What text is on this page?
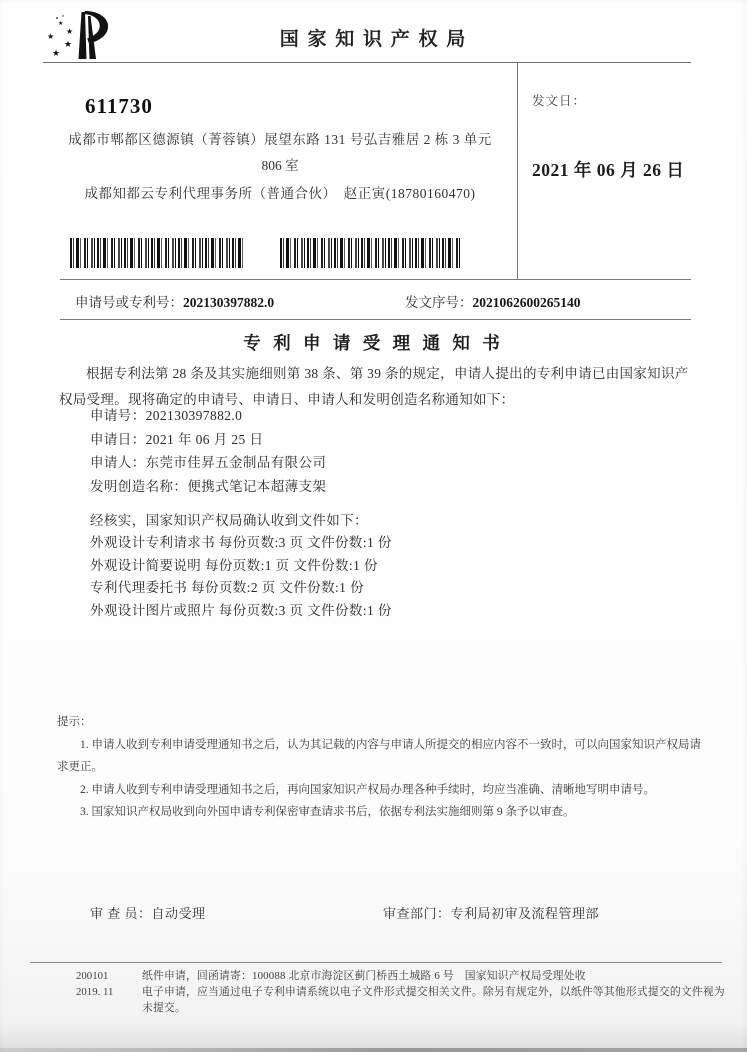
★
★
★
★
★
国 家 知 识 产 权 局
发文日：
2021 年 06 月 26 日
611730
成都市郫都区德源镇（菁蓉镇）展望东路 131 号弘吉雅居 2 栋 3 单元
806 室
成都知都云专利代理事务所（普通合伙）　赵正寅(18780160470)
申请号或专利号：202130397882.0	发文序号：2021062600265140
专 利 申 请 受 理 通 知 书

根据专利法第 28 条及其实施细则第 38 条、第 39 条的规定，申请人提出的专利申请已由国家知识产权局受理。现将确定的申请号、申请日、申请人和发明创造名称通知如下：

申请号：202130397882.0
申请日：2021 年 06 月 25 日
申请人：东莞市佳昇五金制品有限公司
发明创造名称：便携式笔记本超薄支架
经核实，国家知识产权局确认收到文件如下：
外观设计专利请求书 每份页数:3 页 文件份数:1 份
外观设计简要说明 每份页数:1 页 文件份数:1 份
专利代理委托书 每份页数:2 页 文件份数:1 份
外观设计图片或照片 每份页数:3 页 文件份数:1 份
提示：

1. 申请人收到专利申请受理通知书之后，认为其记载的内容与申请人所提交的相应内容不一致时，可以向国家知识产权局请求更正。

2. 申请人收到专利申请受理通知书之后，再向国家知识产权局办理各种手续时，均应当准确、清晰地写明申请号。

3. 国家知识产权局收到向外国申请专利保密审查请求书后，依据专利法实施细则第 9 条予以审查。

审 查 员：自动受理	审查部门：专利局初审及流程管理部
200101
2019. 11
纸件申请，回函请寄：100088 北京市海淀区蓟门桥西土城路 6 号　国家知识产权局受理处收
电子申请，应当通过电子专利申请系统以电子文件形式提交相关文件。除另有规定外，以纸件等其他形式提交的文件视为未提交。
